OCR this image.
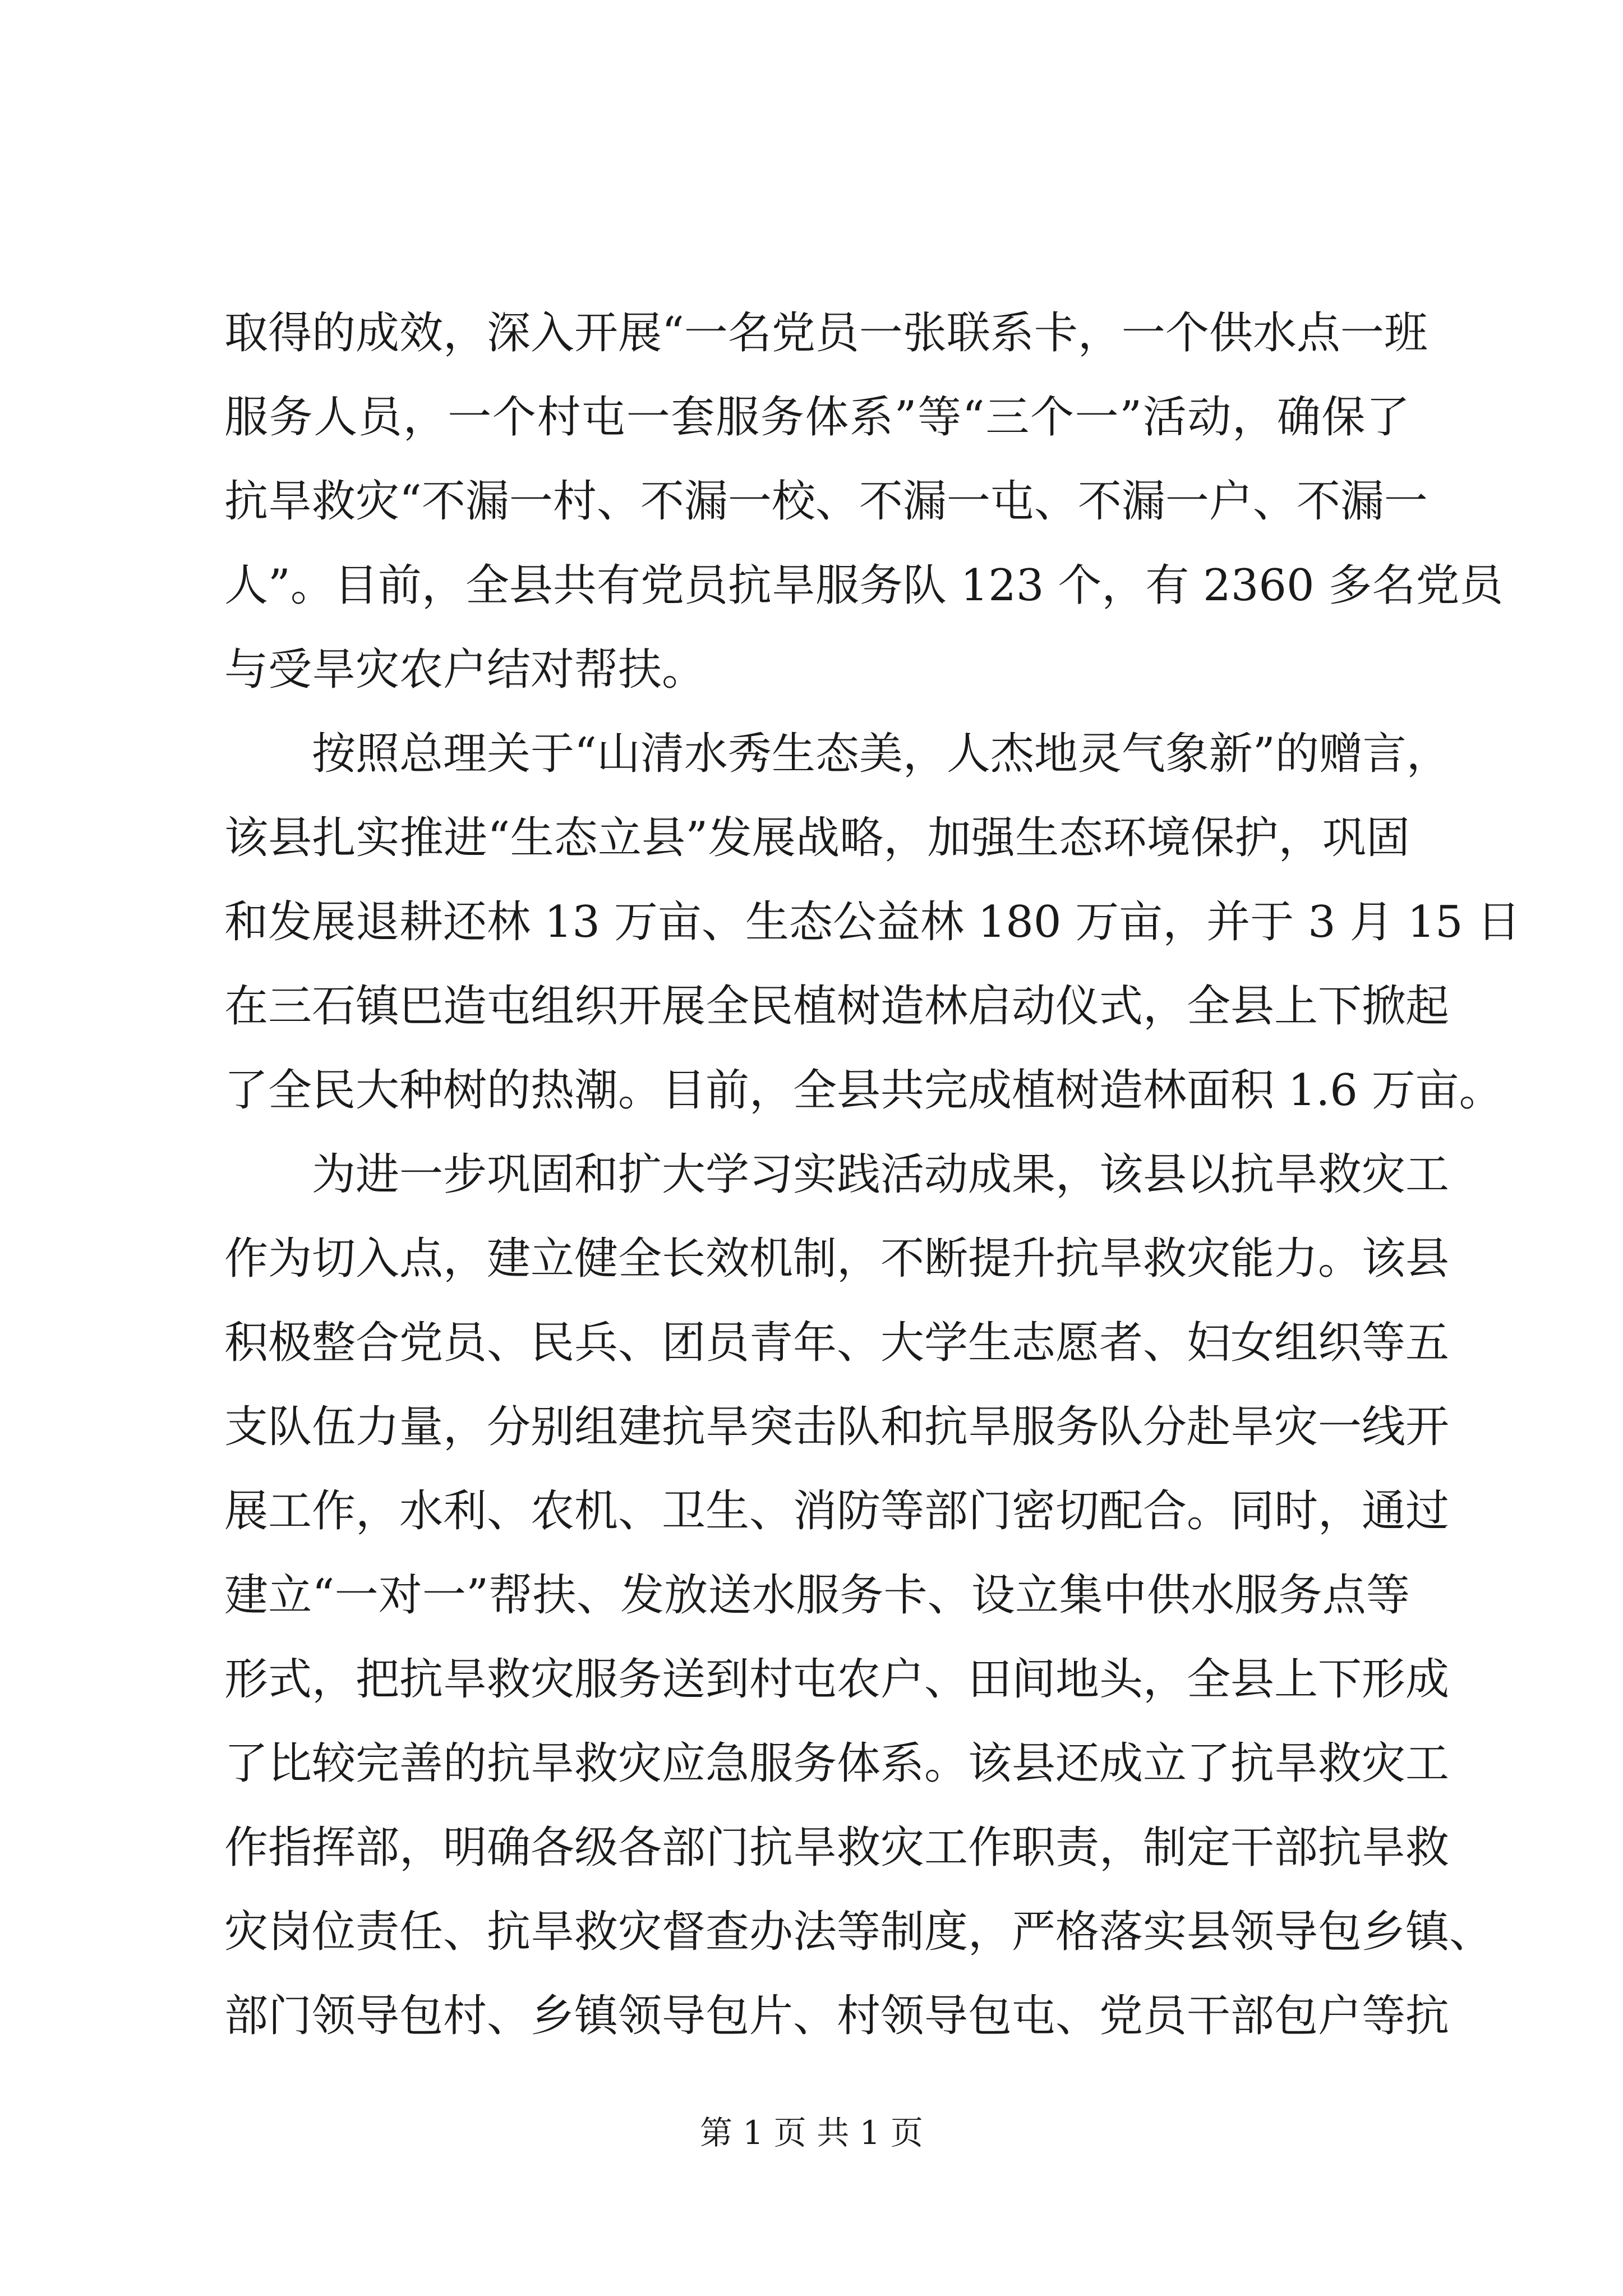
取得的成效，深入开展“一名党员一张联系卡，一个供水点一班
服务人员，一个村屯一套服务体系”等“三个一”活动，确保了
抗旱救灾“不漏一村、不漏一校、不漏一屯、不漏一户、不漏一
人”。目前，全县共有党员抗旱服务队 123 个，有 2360 多名党员
与受旱灾农户结对帮扶。
按照总理关于“山清水秀生态美，人杰地灵气象新”的赠言，
该县扎实推进“生态立县”发展战略，加强生态环境保护，巩固
和发展退耕还林 13 万亩、生态公益林 180 万亩，并于 3 月 15 日
在三石镇巴造屯组织开展全民植树造林启动仪式，全县上下掀起
了全民大种树的热潮。目前，全县共完成植树造林面积 1.6 万亩。
为进一步巩固和扩大学习实践活动成果，该县以抗旱救灾工
作为切入点，建立健全长效机制，不断提升抗旱救灾能力。该县
积极整合党员、民兵、团员青年、大学生志愿者、妇女组织等五
支队伍力量，分别组建抗旱突击队和抗旱服务队分赴旱灾一线开
展工作，水利、农机、卫生、消防等部门密切配合。同时，通过
建立“一对一”帮扶、发放送水服务卡、设立集中供水服务点等
形式，把抗旱救灾服务送到村屯农户、田间地头，全县上下形成
了比较完善的抗旱救灾应急服务体系。该县还成立了抗旱救灾工
作指挥部，明确各级各部门抗旱救灾工作职责，制定干部抗旱救
灾岗位责任、抗旱救灾督查办法等制度，严格落实县领导包乡镇、
部门领导包村、乡镇领导包片、村领导包屯、党员干部包户等抗
第 1 页 共 1 页
